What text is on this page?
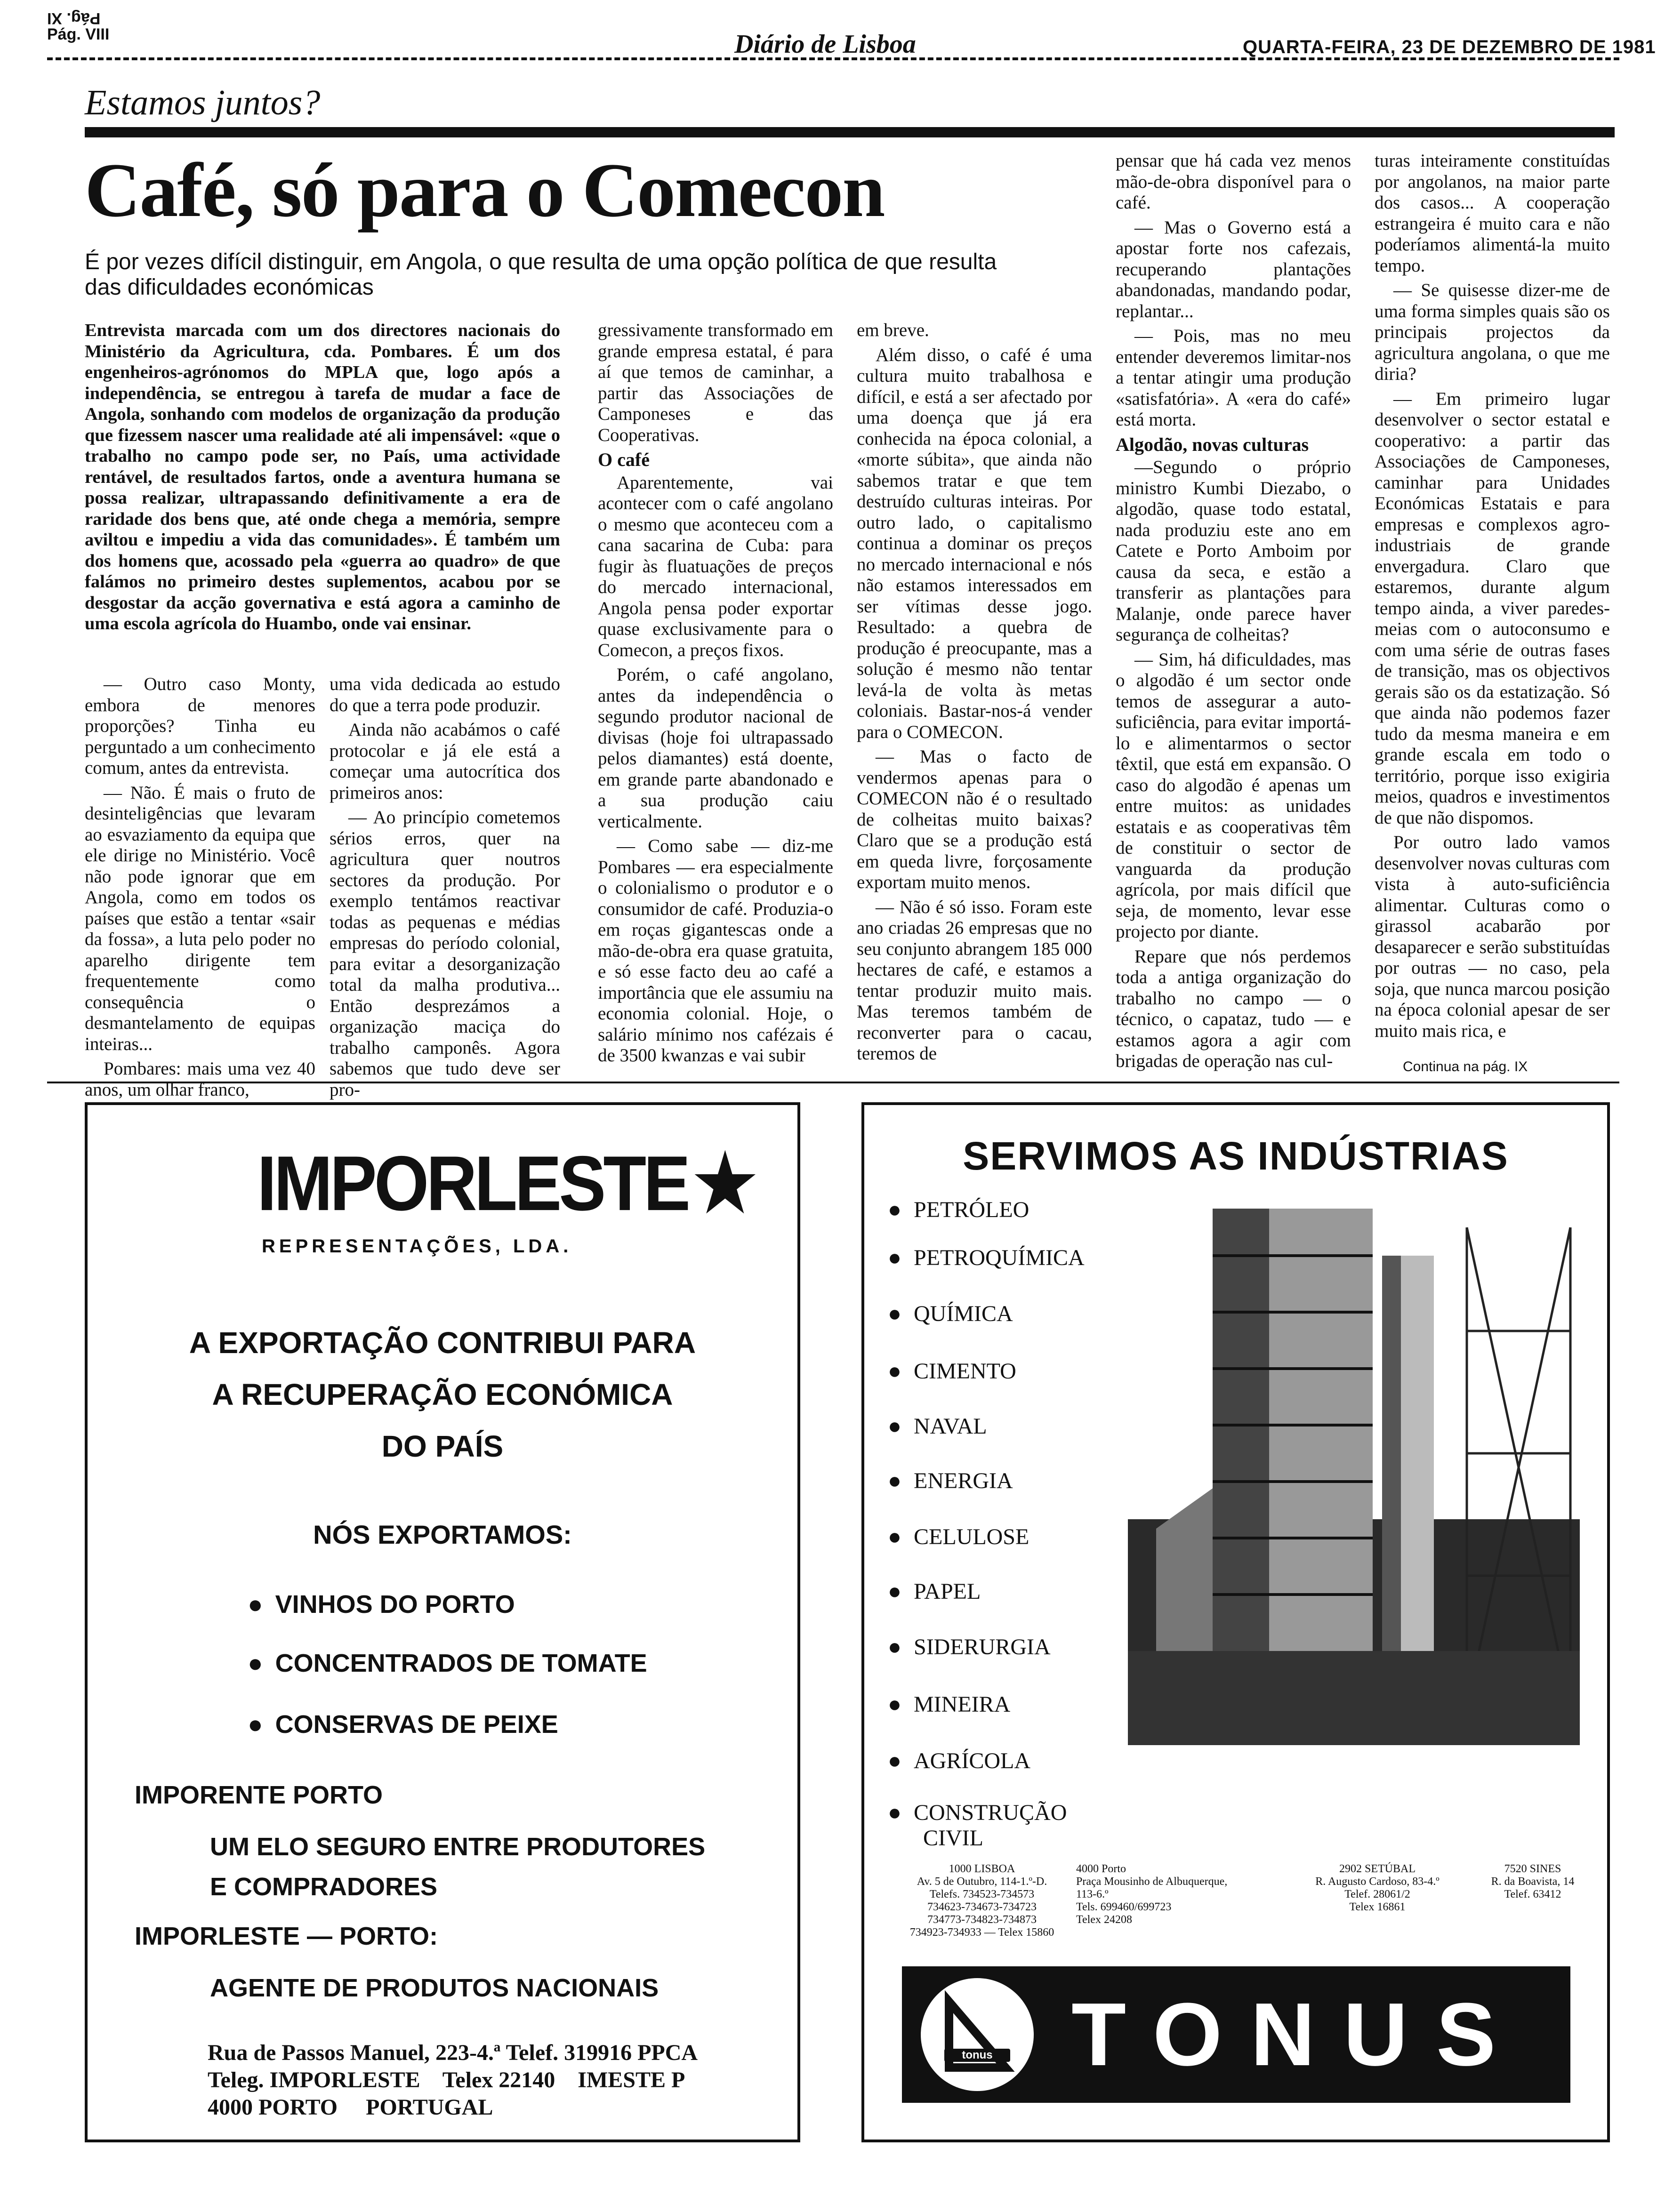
Pág. XI
Pág. VIII	Diário de Lisboa	QUARTA-FEIRA, 23 DE DEZEMBRO DE 1981
Estamos juntos?
Café, só para o Comecon
É por vezes difícil distinguir, em Angola, o que resulta de uma opção política de que resulta das dificuldades económicas
Entrevista marcada com um dos directores nacionais do Ministério da Agricultura, cda. Pombares. É um dos engenheiros-agrónomos do MPLA que, logo após a independência, se entregou à tarefa de mudar a face de Angola, sonhando com modelos de organização da produção que fizessem nascer uma realidade até ali impensável: «que o trabalho no campo pode ser, no País, uma actividade rentável, de resultados fartos, onde a aventura humana se possa realizar, ultrapassando definitivamente a era de raridade dos bens que, até onde chega a memória, sempre aviltou e impediu a vida das comunidades». É também um dos homens que, acossado pela «guerra ao quadro» de que falámos no primeiro destes suplementos, acabou por se desgostar da acção governativa e está agora a caminho de uma escola agrícola do Huambo, onde vai ensinar.

— Outro caso Monty, embora de menores proporções? Tinha eu perguntado a um conhecimento comum, antes da entrevista.

— Não. É mais o fruto de desinteligências que levaram ao esvaziamento da equipa que ele dirige no Ministério. Você não pode ignorar que em Angola, como em todos os países que estão a tentar «sair da fossa», a luta pelo poder no aparelho dirigente tem frequentemente como consequência o desmantelamento de equipas inteiras...

Pombares: mais uma vez 40 anos, um olhar franco,

uma vida dedicada ao estudo do que a terra pode produzir.

Ainda não acabámos o café protocolar e já ele está a começar uma autocrítica dos primeiros anos:

— Ao princípio cometemos sérios erros, quer na agricultura quer noutros sectores da produção. Por exemplo tentámos reactivar todas as pequenas e médias empresas do período colonial, para evitar a desorganização total da malha produtiva... Então desprezámos a organização maciça do trabalho camponês. Agora sabemos que tudo deve ser pro-

gressivamente transformado em grande empresa estatal, é para aí que temos de caminhar, a partir das Associações de Camponeses e das Cooperativas.

O café

Aparentemente, vai acontecer com o café angolano o mesmo que aconteceu com a cana sacarina de Cuba: para fugir às fluatuações de preços do mercado internacional, Angola pensa poder exportar quase exclusivamente para o Comecon, a preços fixos.

Porém, o café angolano, antes da independência o segundo produtor nacional de divisas (hoje foi ultrapassado pelos diamantes) está doente, em grande parte abandonado e a sua produção caiu verticalmente.

— Como sabe — diz-me Pombares — era especialmente o colonialismo o produtor e o consumidor de café. Produzia-o em roças gigantescas onde a mão-de-obra era quase gratuita, e só esse facto deu ao café a importância que ele assumiu na economia colonial. Hoje, o salário mínimo nos cafézais é de 3500 kwanzas e vai subir

em breve.

Além disso, o café é uma cultura muito trabalhosa e difícil, e está a ser afectado por uma doença que já era conhecida na época colonial, a «morte súbita», que ainda não sabemos tratar e que tem destruído culturas inteiras. Por outro lado, o capitalismo continua a dominar os preços no mercado internacional e nós não estamos interessados em ser vítimas desse jogo. Resultado: a quebra de produção é preocupante, mas a solução é mesmo não tentar levá-la de volta às metas coloniais. Bastar-nos-á vender para o COMECON.

— Mas o facto de vendermos apenas para o COMECON não é o resultado de colheitas muito baixas? Claro que se a produção está em queda livre, forçosamente exportam muito menos.

— Não é só isso. Foram este ano criadas 26 empresas que no seu conjunto abrangem 185 000 hectares de café, e estamos a tentar produzir muito mais. Mas teremos também de reconverter para o cacau, teremos de

pensar que há cada vez menos mão-de-obra disponível para o café.

— Mas o Governo está a apostar forte nos cafezais, recuperando plantações abandonadas, mandando podar, replantar...

— Pois, mas no meu entender deveremos limitar-nos a tentar atingir uma produção «satisfatória». A «era do café» está morta.

Algodão, novas culturas

—Segundo o próprio ministro Kumbi Diezabo, o algodão, quase todo estatal, nada produziu este ano em Catete e Porto Amboim por causa da seca, e estão a transferir as plantações para Malanje, onde parece haver segurança de colheitas?

— Sim, há dificuldades, mas o algodão é um sector onde temos de assegurar a auto-suficiência, para evitar importá-lo e alimentarmos o sector têxtil, que está em expansão. O caso do algodão é apenas um entre muitos: as unidades estatais e as cooperativas têm de constituir o sector de vanguarda da produção agrícola, por mais difícil que seja, de momento, levar esse projecto por diante.

Repare que nós perdemos toda a antiga organização do trabalho no campo — o técnico, o capataz, tudo — e estamos agora a agir com brigadas de operação nas cul-

turas inteiramente constituídas por angolanos, na maior parte dos casos... A cooperação estrangeira é muito cara e não poderíamos alimentá-la muito tempo.

— Se quisesse dizer-me de uma forma simples quais são os principais projectos da agricultura angolana, o que me diria?

— Em primeiro lugar desenvolver o sector estatal e cooperativo: a partir das Associações de Camponeses, caminhar para Unidades Económicas Estatais e para empresas e complexos agro-industriais de grande envergadura. Claro que estaremos, durante algum tempo ainda, a viver paredes-meias com o autoconsumo e com uma série de outras fases de transição, mas os objectivos gerais são os da estatização. Só que ainda não podemos fazer tudo da mesma maneira e em grande escala em todo o território, porque isso exigiria meios, quadros e investimentos de que não dispomos.

Por outro lado vamos desenvolver novas culturas com vista à auto-suficiência alimentar. Culturas como o girassol acabarão por desaparecer e serão substituídas por outras — no caso, pela soja, que nunca marcou posição na época colonial apesar de ser muito mais rica, e

Continua na pág. IX
IMPORLESTE★
REPRESENTAÇÕES, LDA.
A EXPORTAÇÃO CONTRIBUI PARA
A RECUPERAÇÃO ECONÓMICA
DO PAÍS
NÓS EXPORTAMOS:
● VINHOS DO PORTO
● CONCENTRADOS DE TOMATE
● CONSERVAS DE PEIXE
IMPORENTE PORTO
UM ELO SEGURO ENTRE PRODUTORES
E COMPRADORES
IMPORLESTE — PORTO:
AGENTE DE PRODUTOS NACIONAIS
Rua de Passos Manuel, 223-4.ª Telef. 319916 PPCA
Teleg. IMPORLESTE    Telex 22140    IMESTE P
4000 PORTO     PORTUGAL
SERVIMOS AS INDÚSTRIAS
● PETRÓLEO
● PETROQUÍMICA
● QUÍMICA
● CIMENTO
● NAVAL
● ENERGIA
● CELULOSE
● PAPEL
● SIDERURGIA
● MINEIRA
● AGRÍCOLA
● CONSTRUÇÃO
CIVIL
1000 LISBOA
Av. 5 de Outubro, 114-1.º-D.
Telefs. 734523-734573
734623-734673-734723
734773-734823-734873
734923-734933 — Telex 15860
4000 Porto
Praça Mousinho de Albuquerque,
113-6.º
Tels. 699460/699723
Telex 24208
2902 SETÚBAL
R. Augusto Cardoso, 83-4.º
Telef. 28061/2
Telex 16861
7520 SINES
R. da Boavista, 14
Telef. 63412
tonus TONUS
